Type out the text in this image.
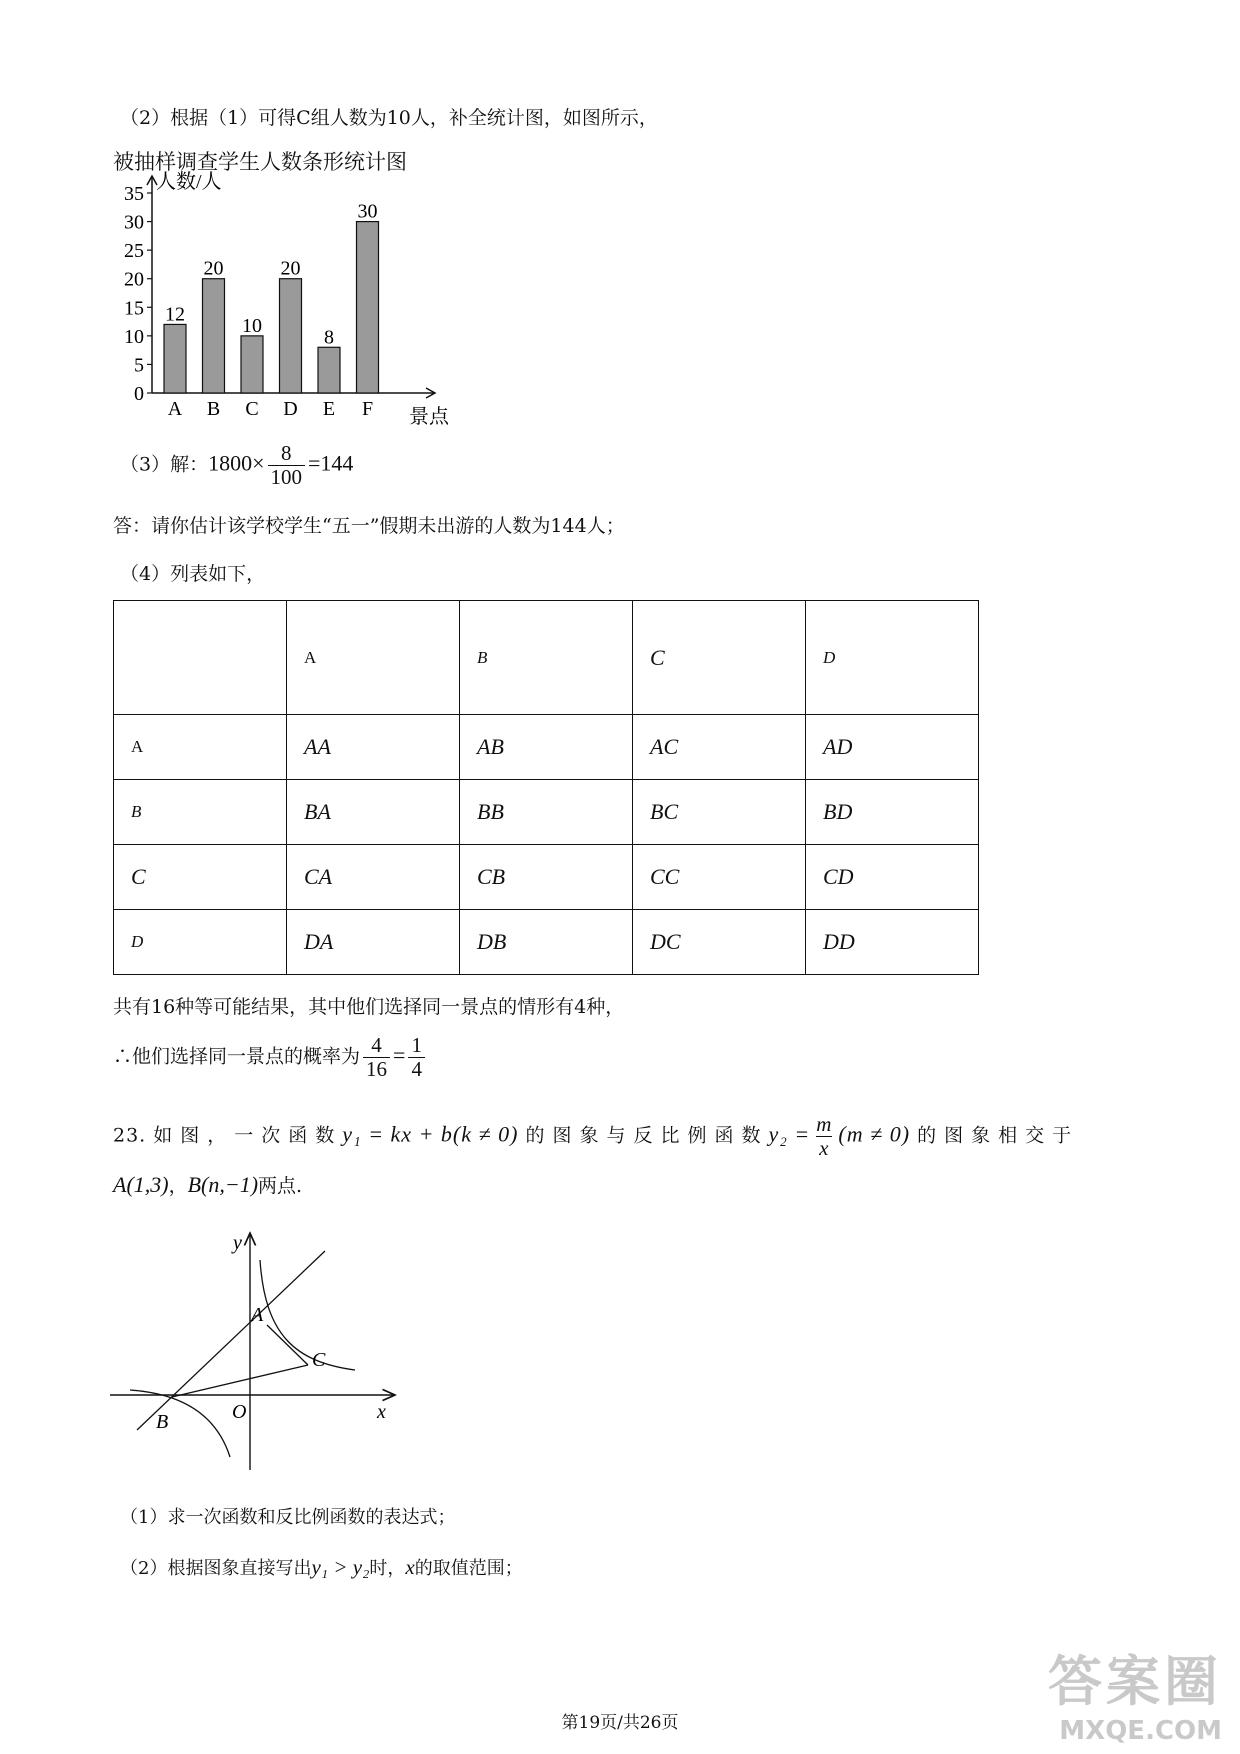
（2）根据（1）可得C组人数为10人，补全统计图，如图所示，
被抽样调查学生人数条形统计图
0
5
10
15
20
25
30
35
人数/人
景点
12
A
20
B
10
C
20
D
8
E
30
F
（3）解：$1800\times \frac{8}{100} =144$
答：请你估计该学校学生“五一”假期未出游的人数为144人；
（4）列表如下，
	A	B	C	D
A	AA	AB	AC	AD
B	BA	BB	BC	BD
C	CA	CB	CC	CD
D	DA	DB	DC	DD
共有16种等可能结果，其中他们选择同一景点的情形有4种，
∴他们选择同一景点的概率为 $\frac{4}{16} = \frac{1}{4}$
23. 如图，一次函数y₁ = kx + b(k ≠ 0) 的图象与反比例函数$y_2 = \frac{m}{x} (m \ne 0)$ 的图象相交于
A(1,3)，B(n,−1)两点.
y
x
O
A
B
C
（1）求一次函数和反比例函数的表达式；
（2）根据图象直接写出y₁ > y₂时，x的取值范围；
第19页/共26页
答案圈
MXQE.COM
